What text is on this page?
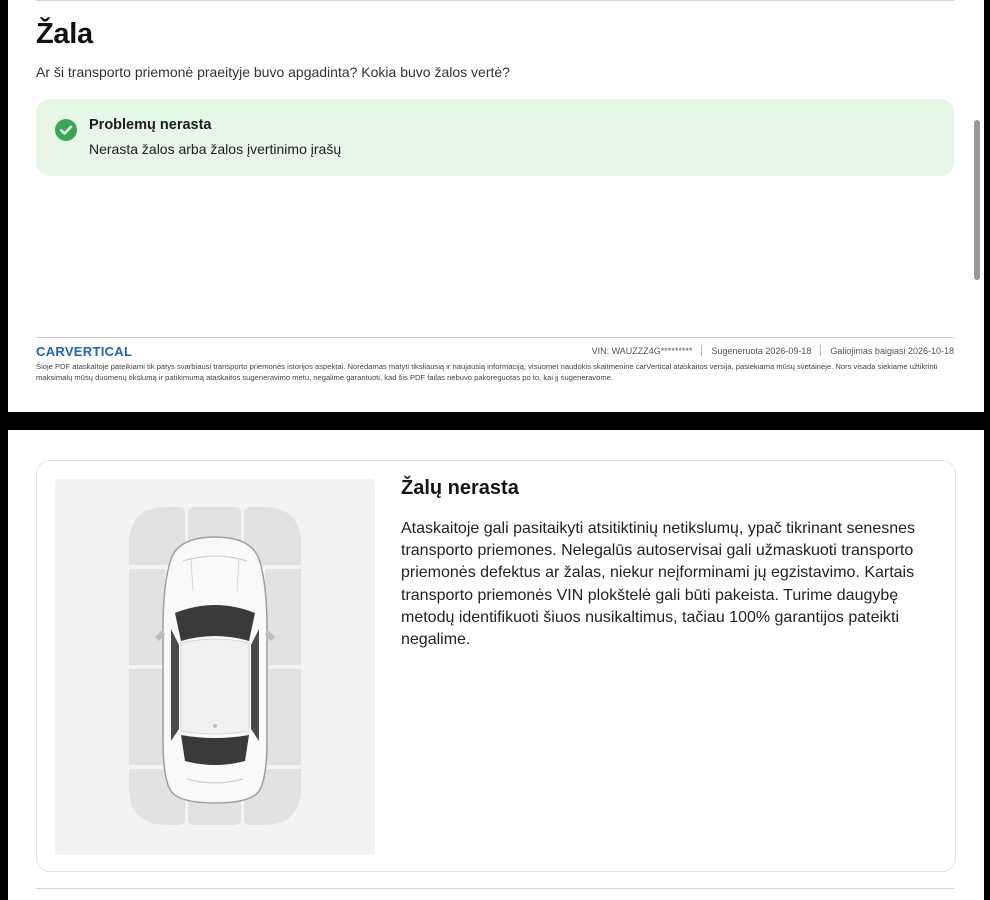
Žala

Ar ši transporto priemonė praeityje buvo apgadinta? Kokia buvo žalos vertė?

Problemų nerasta
Nerasta žalos arba žalos įvertinimo įrašų
CARVERTICAL	VIN: WAUZZZ4G********* Sugeneruota 2026-09-18 Galiojimas baigiasi 2026-10-18
Šioje PDF ataskaitoje pateikiami tik patys svarbiausi transporto priemonės istorijos aspektai. Norėdamas matyti tiksliausią ir naujausią informaciją, visuomet naudokis skaitmenine carVertical ataskaitos versija, pasiekiama mūsų svetainėje. Nors visada siekiame užtikrinti maksimalų mūsų duomenų tikslumą ir patikimumą ataskaitos sugeneravimo metu, negalime garantuoti, kad šis PDF failas nebuvo pakoreguotas po to, kai jį sugeneravome.
Žalų nerasta

Ataskaitoje gali pasitaikyti atsitiktinių netikslumų, ypač tikrinant senesnes transporto priemones. Nelegalūs autoservisai gali užmaskuoti transporto priemonės defektus ar žalas, niekur neįforminami jų egzistavimo. Kartais transporto priemonės VIN plokštelė gali būti pakeista. Turime daugybę metodų identifikuoti šiuos nusikaltimus, tačiau 100% garantijos pateikti negalime.
